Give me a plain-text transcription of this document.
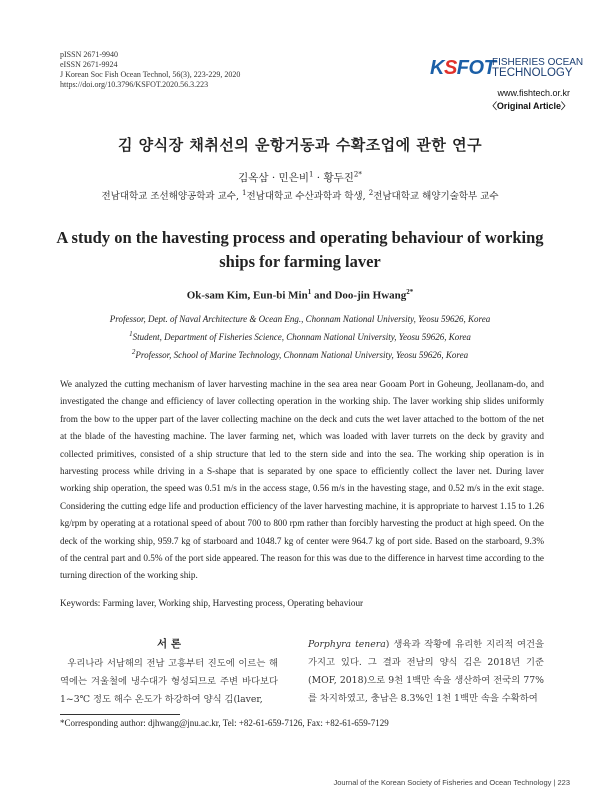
pISSN 2671-9940
eISSN 2671-9924
J Korean Soc Fish Ocean Technol, 56(3), 223-229, 2020
https://doi.org/10.3796/KSFOT.2020.56.3.223
KSFOT
FISHERIES OCEAN
TECHNOLOGY
www.fishtech.or.kr
〈Original Article〉
김 양식장 채취선의 운항거동과 수확조업에 관한 연구
김옥삼 · 민은비$^1$ · 황두진$^{2*}$
전남대학교 조선해양공학과 교수, $^1$전남대학교 수산과학과 학생, $^2$전남대학교 해양기술학부 교수
A study on the havesting process and operating behaviour of working ships for farming laver
Ok-sam Kim, Eun-bi Min$^1$ and Doo-jin Hwang$^{2*}$
Professor, Dept. of Naval Architecture & Ocean Eng., Chonnam National University, Yeosu 59626, Korea
$^1$Student, Department of Fisheries Science, Chonnam National University, Yeosu 59626, Korea
$^2$Professor, School of Marine Technology, Chonnam National University, Yeosu 59626, Korea
We analyzed the cutting mechanism of laver harvesting machine in the sea area near Gooam Port in Goheung, Jeollanam-do, and investigated the change and efficiency of laver collecting operation in the working ship. The laver working ship slides uniformly from the bow to the upper part of the laver collecting machine on the deck and cuts the wet laver attached to the bottom of the net at the blade of the havesting machine. The laver farming net, which was loaded with laver turrets on the deck by gravity and collected primitives, consisted of a ship structure that led to the stern side and into the sea. The working ship operation is in harvesting process while driving in a S-shape that is separated by one space to efficiently collect the laver net. During laver working ship operation, the speed was 0.51 m/s in the access stage, 0.56 m/s in the havesting stage, and 0.52 m/s in the exit stage. Considering the cutting edge life and production efficiency of the laver harvesting machine, it is appropriate to harvest 1.15 to 1.26 kg/rpm by operating at a rotational speed of about 700 to 800 rpm rather than forcibly harvesting the product at high speed. On the deck of the working ship, 959.7 kg of starboard and 1048.7 kg of center were 964.7 kg of port side. Based on the starboard, 9.3% of the central part and 0.5% of the port side appeared. The reason for this was due to the difference in harvest time according to the turning direction of the working ship.
Keywords: Farming laver, Working ship, Harvesting process, Operating behaviour
서 론
우리나라 서남해의 전남 고흥부터 진도에 이르는 해역에는 겨울철에 냉수대가 형성되므로 주변 바다보다 1~3℃ 정도 해수 온도가 하강하여 양식 김(laver,
Porphyra tenera) 생육과 작황에 유리한 지리적 여건을 가지고 있다. 그 결과 전남의 양식 김은 2018년 기준(MOF, 2018)으로 9천 1백만 속을 생산하여 전국의 77%를 차지하였고, 충남은 8.3%인 1천 1백만 속을 수확하여
*Corresponding author: djhwang@jnu.ac.kr, Tel: +82-61-659-7126, Fax: +82-61-659-7129
Journal of the Korean Society of Fisheries and Ocean Technology | 223
